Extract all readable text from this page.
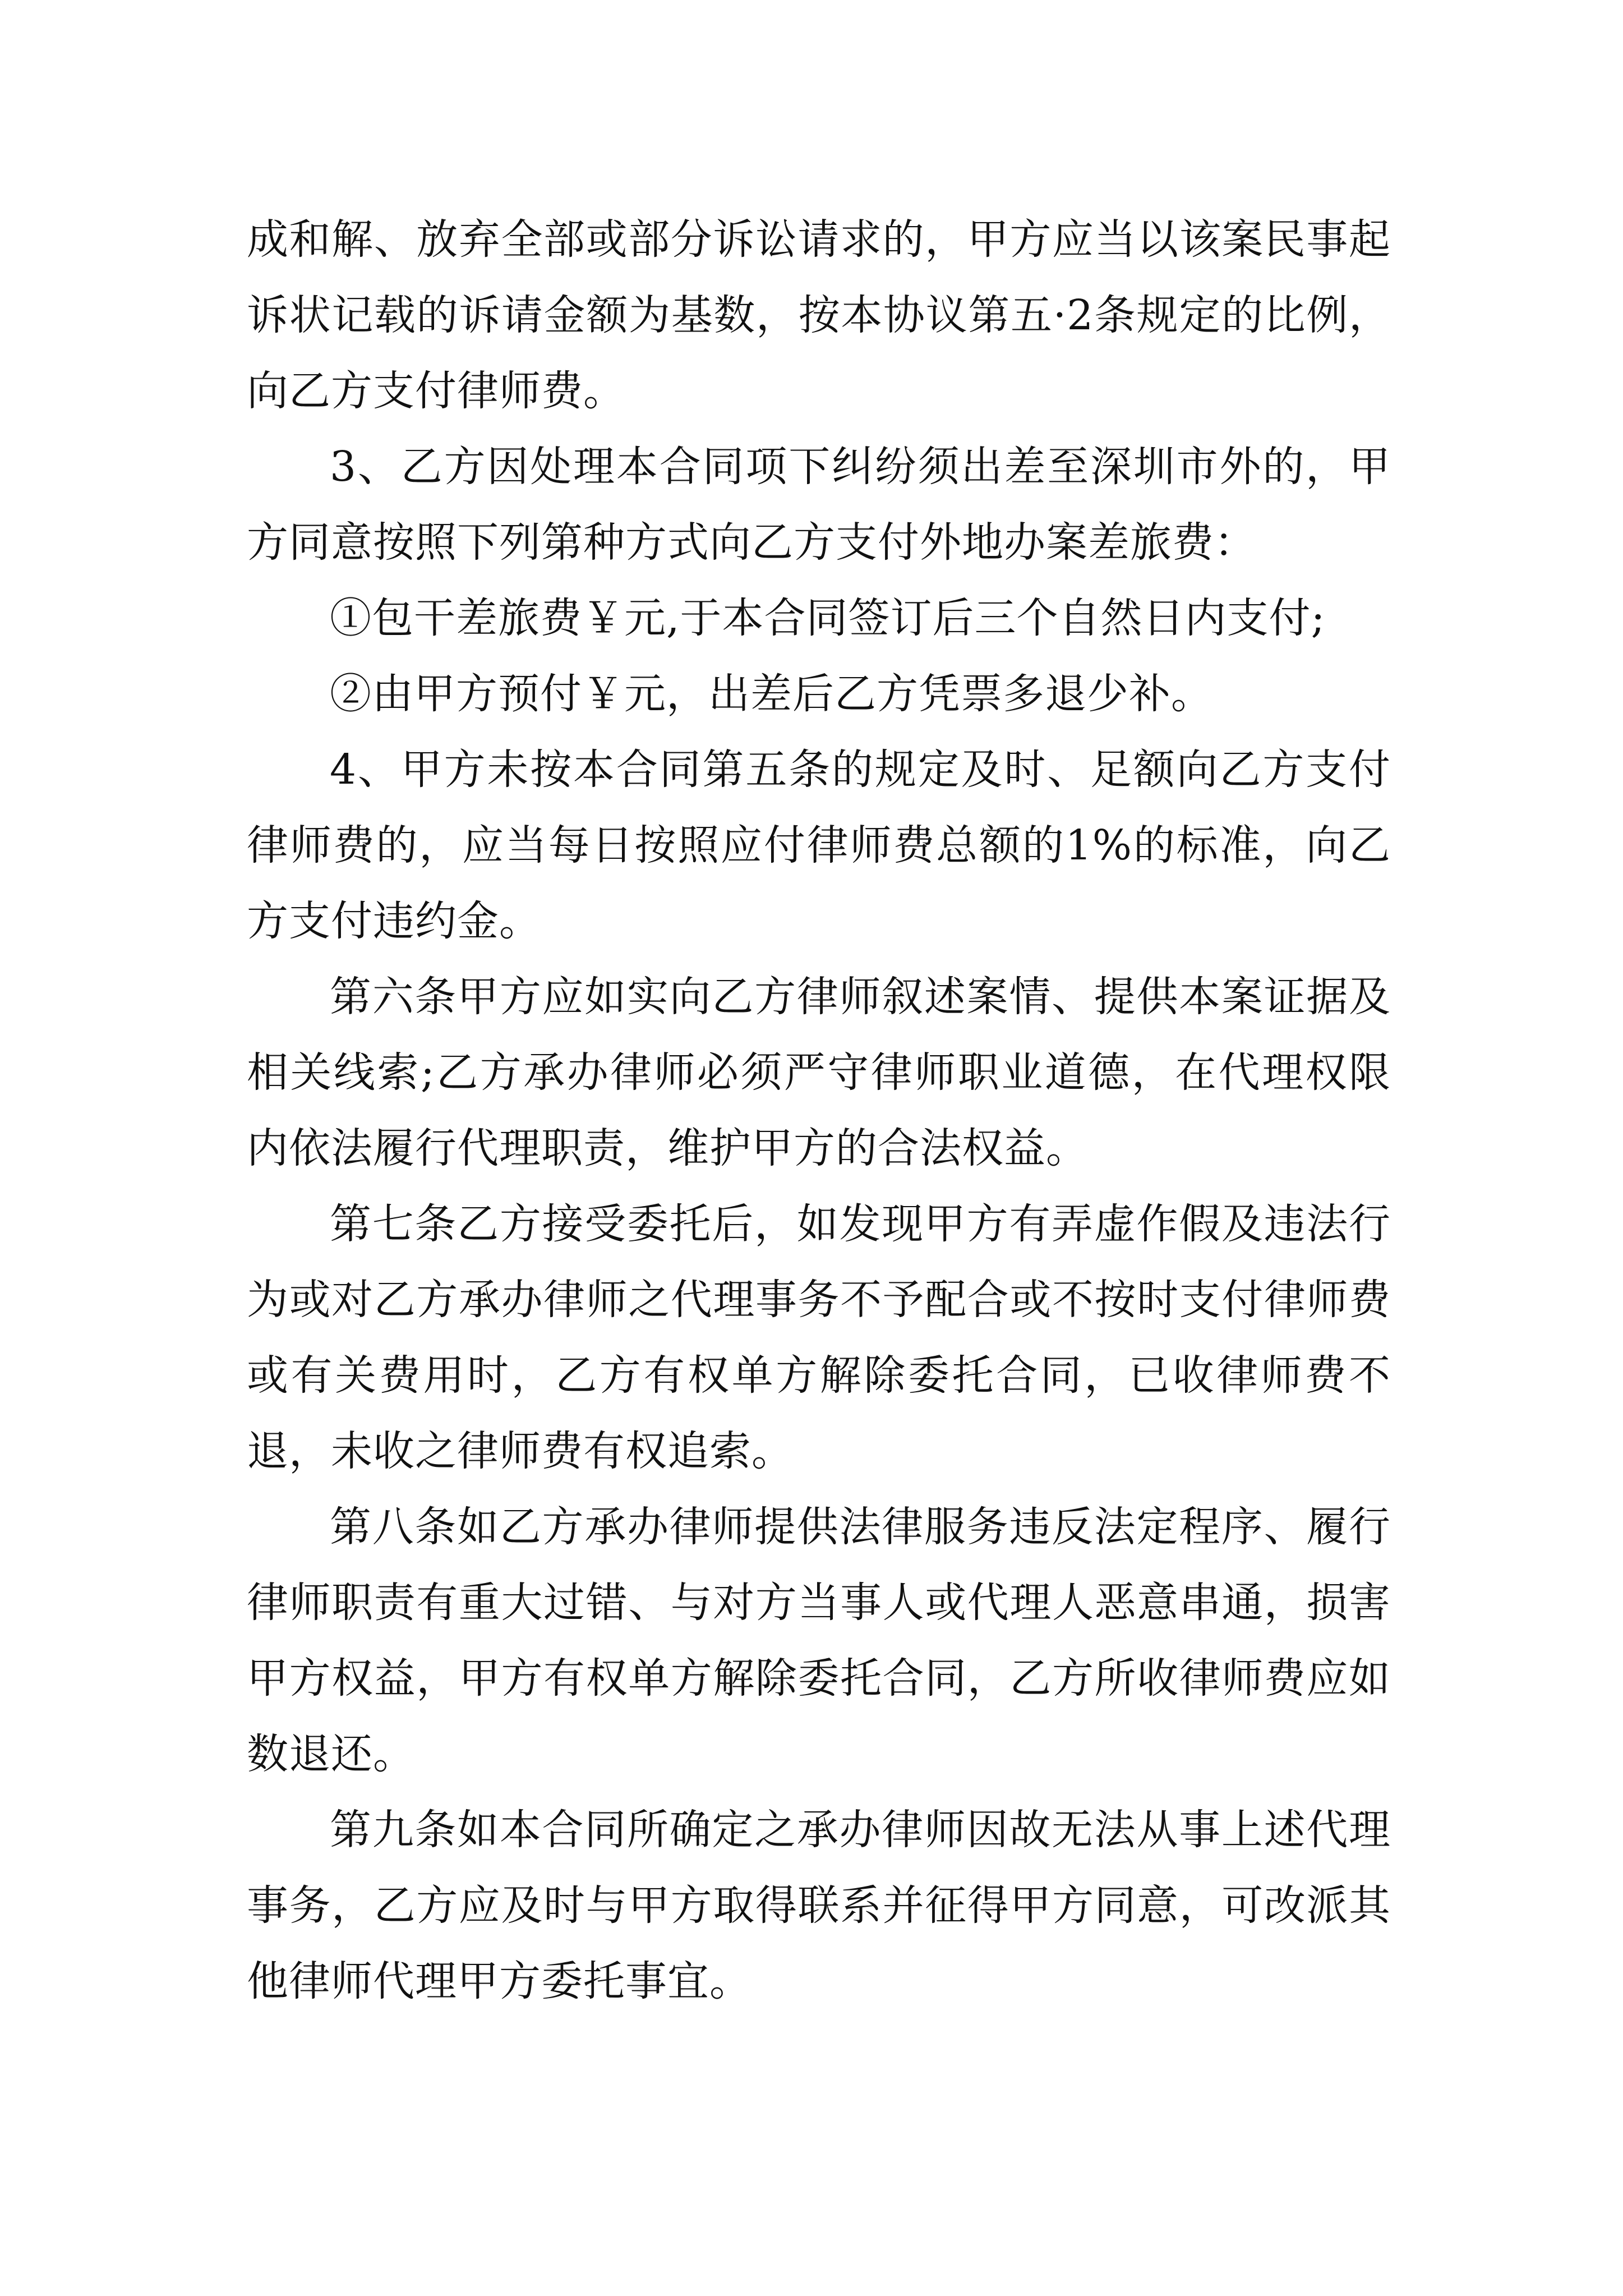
成和解、放弃全部或部分诉讼请求的，甲方应当以该案民事起诉状记载的诉请金额为基数，按本协议第五·2条规定的比例，向乙方支付律师费。

3、乙方因处理本合同项下纠纷须出差至深圳市外的，甲方同意按照下列第种方式向乙方支付外地办案差旅费：

①包干差旅费￥元,于本合同签订后三个自然日内支付;

②由甲方预付￥元，出差后乙方凭票多退少补。

4、甲方未按本合同第五条的规定及时、足额向乙方支付律师费的，应当每日按照应付律师费总额的1%的标准，向乙方支付违约金。

第六条甲方应如实向乙方律师叙述案情、提供本案证据及相关线索;乙方承办律师必须严守律师职业道德，在代理权限内依法履行代理职责，维护甲方的合法权益。

第七条乙方接受委托后，如发现甲方有弄虚作假及违法行为或对乙方承办律师之代理事务不予配合或不按时支付律师费或有关费用时，乙方有权单方解除委托合同，已收律师费不退，未收之律师费有权追索。

第八条如乙方承办律师提供法律服务违反法定程序、履行律师职责有重大过错、与对方当事人或代理人恶意串通，损害甲方权益，甲方有权单方解除委托合同，乙方所收律师费应如数退还。

第九条如本合同所确定之承办律师因故无法从事上述代理事务，乙方应及时与甲方取得联系并征得甲方同意，可改派其他律师代理甲方委托事宜。
